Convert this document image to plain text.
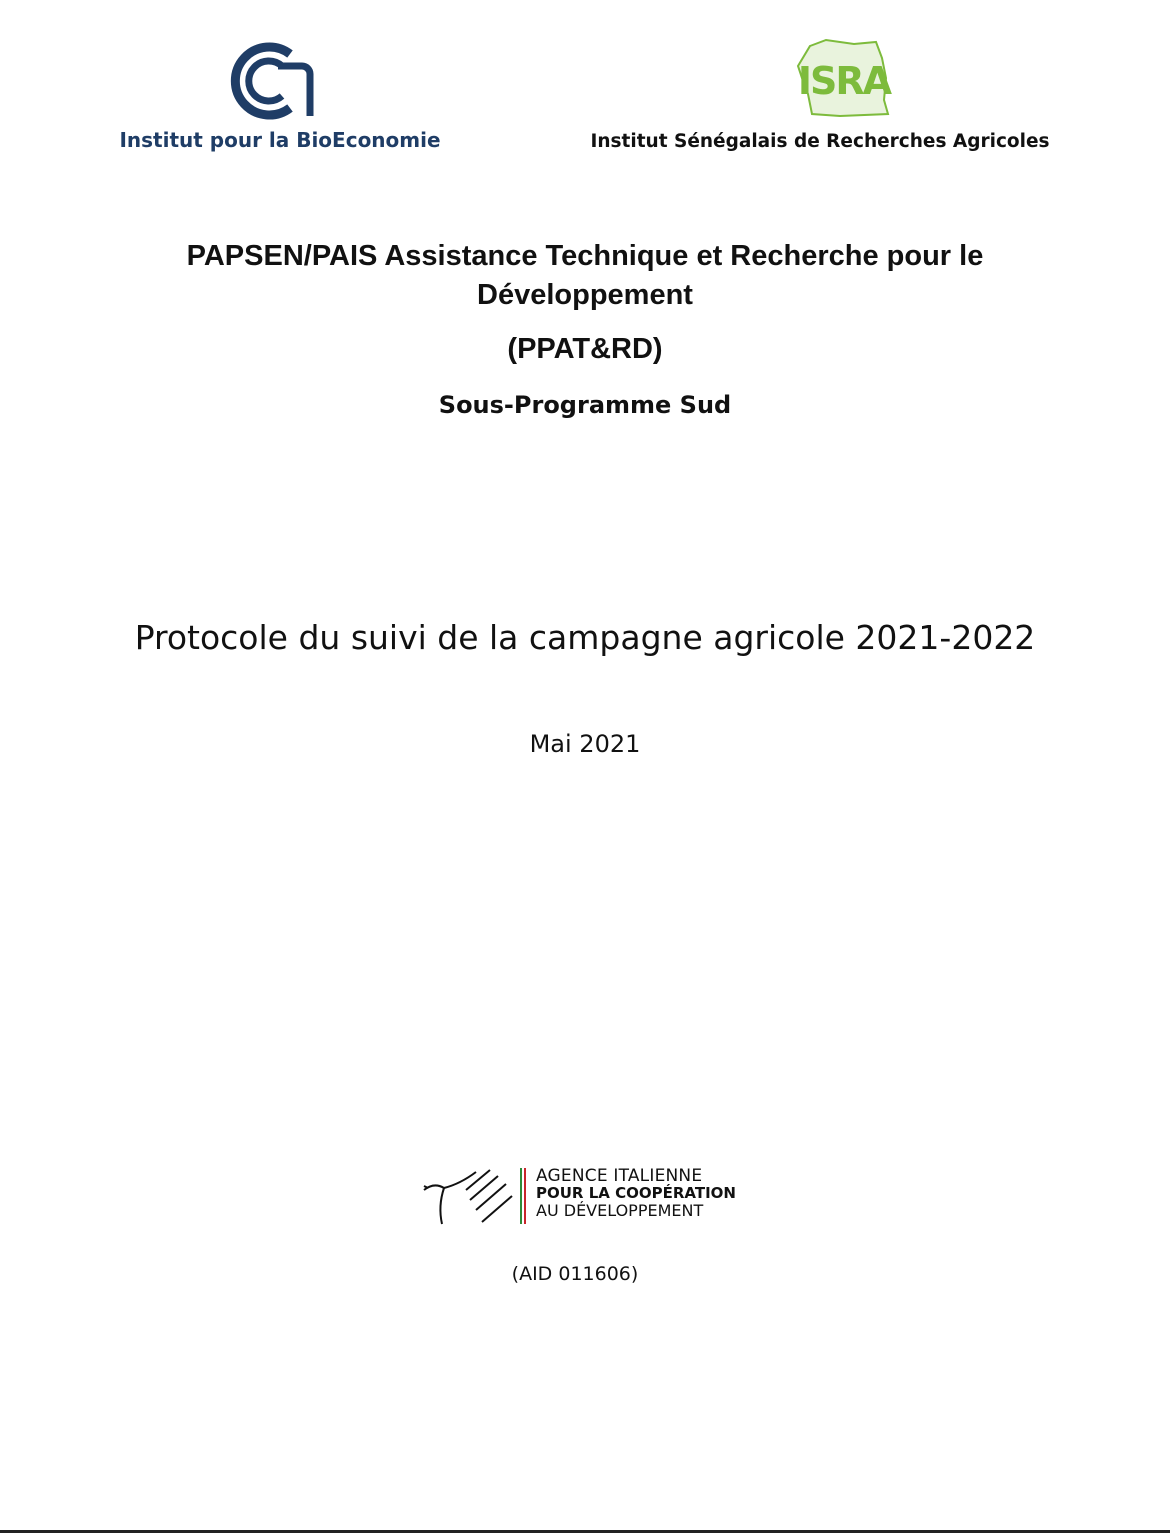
Institut pour la BioEconomie
ISRA
Institut Sénégalais de Recherches Agricoles
PAPSEN/PAIS Assistance Technique et Recherche pour le
Développement
(PPAT&RD)
Sous-Programme Sud
Protocole du suivi de la campagne agricole 2021-2022
Mai 2021
AGENCE ITALIENNE
POUR LA COOPÉRATION
AU DÉVELOPPEMENT
(AID 011606)
